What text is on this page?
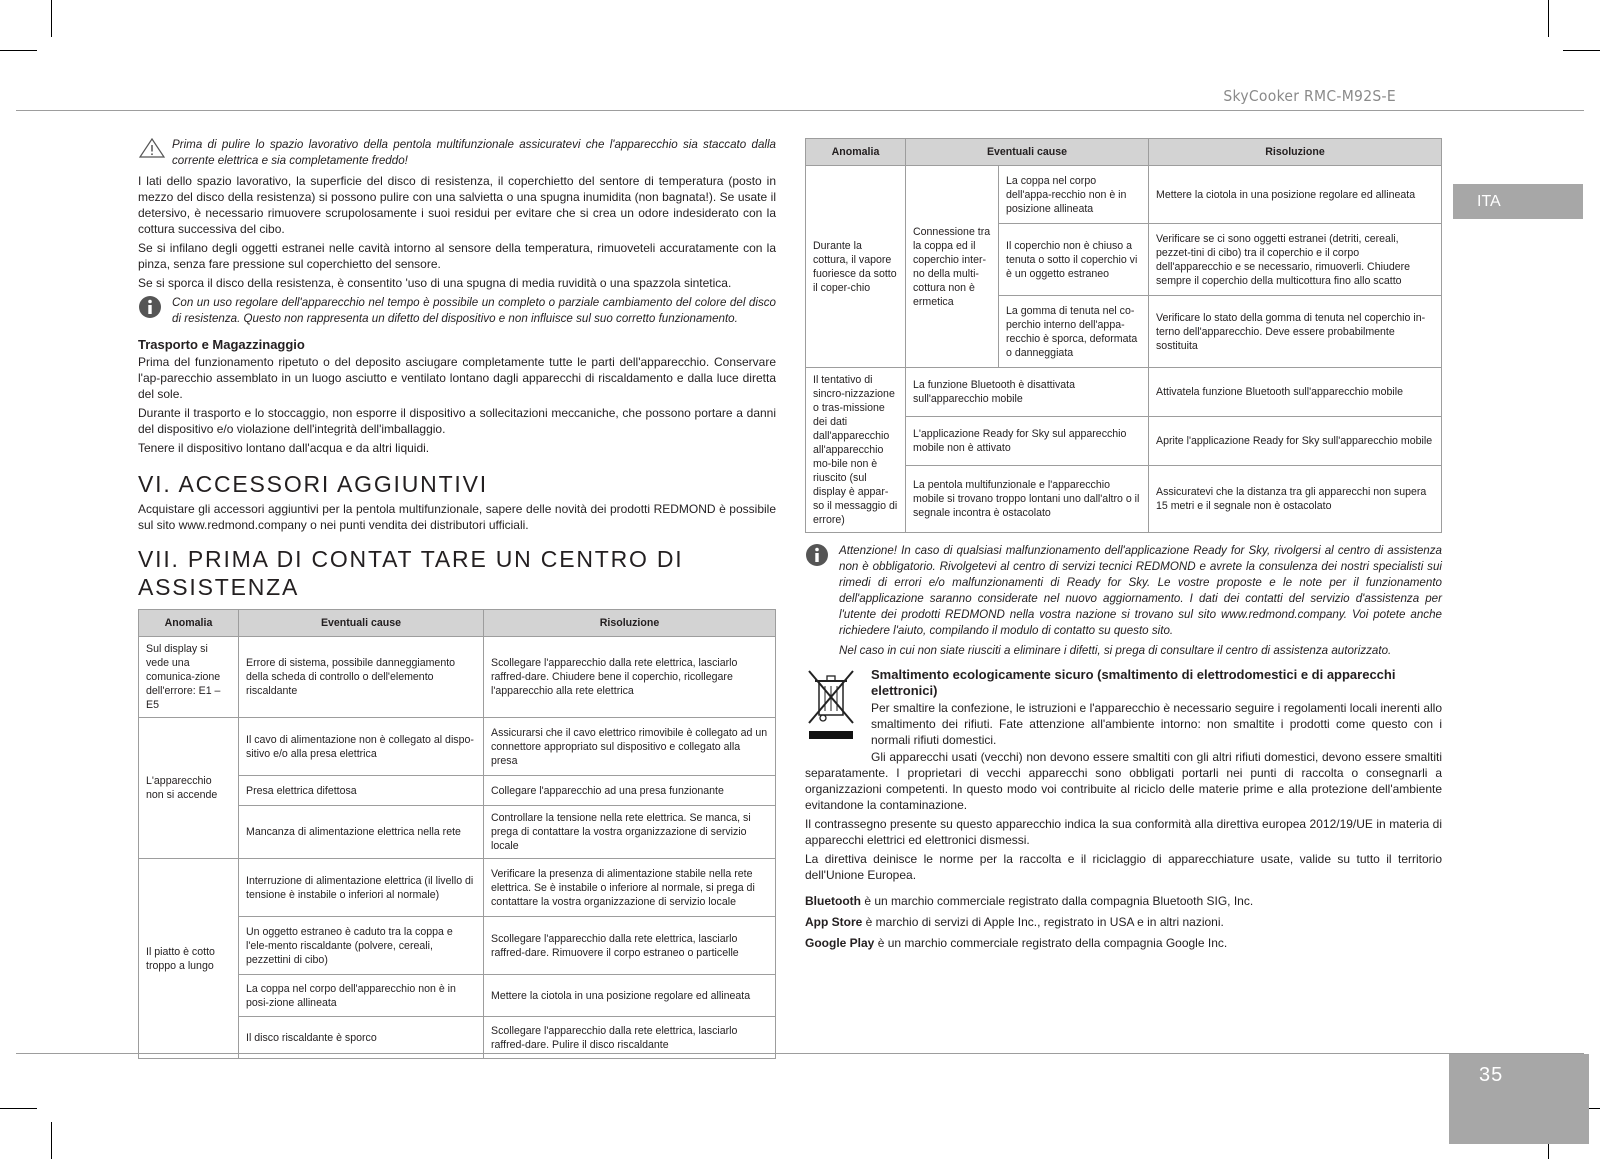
SkyCooker RMC-M92S-E
ITA
35
Prima di pulire lo spazio lavorativo della pentola multifunzionale assicuratevi che l'apparecchio sia staccato dalla corrente elettrica e sia completamente freddo!

I lati dello spazio lavorativo, la superficie del disco di resistenza, il coperchietto del sentore di temperatura (posto in mezzo del disco della resistenza) si possono pulire con una salvietta o una spugna inumidita (non bagnata!). Se usate il detersivo, è necessario rimuovere scrupolosamente i suoi residui per evitare che si crea un odore indesiderato con la cottura successiva del cibo.

Se si infilano degli oggetti estranei nelle cavità intorno al sensore della temperatura, rimuoveteli accuratamente con la pinza, senza fare pressione sul coperchietto del sensore.

Se si sporca il disco della resistenza, è consentito 'uso di una spugna di media ruvidità o una spazzola sintetica.

Con un uso regolare dell'apparecchio nel tempo è possibile un completo o parziale cambiamento del colore del disco di resistenza. Questo non rappresenta un difetto del dispositivo e non influisce sul suo corretto funzionamento.
Trasporto e Magazzinaggio

Prima del funzionamento ripetuto o del deposito asciugare completamente tutte le parti dell'apparecchio. Conservare l'ap-parecchio assemblato in un luogo asciutto e ventilato lontano dagli apparecchi di riscaldamento e dalla luce diretta del sole.

Durante il trasporto e lo stoccaggio, non esporre il dispositivo a sollecitazioni meccaniche, che possono portare a danni del dispositivo e/o violazione dell'integrità dell'imballaggio.

Tenere il dispositivo lontano dall'acqua e da altri liquidi.

VI. ACCESSORI AGGIUNTIVI

Acquistare gli accessori aggiuntivi per la pentola multifunzionale, sapere delle novità dei prodotti REDMOND è possibile sul sito www.redmond.company o nei punti vendita dei distributori ufficiali.

VII. PRIMA DI CONTAT TARE UN CENTRO DI ASSISTENZA
Anomalia	Eventuali cause	Risoluzione
Sul display si vede una comunica-zione dell'errore: E1 – E5	Errore di sistema, possibile danneggiamento della scheda di controllo o dell'elemento riscaldante	Scollegare l'apparecchio dalla rete elettrica, lasciarlo raffred-dare. Chiudere bene il coperchio, ricollegare l'apparecchio alla rete elettrica
L'apparecchio non si accende	Il cavo di alimentazione non è collegato al dispo-sitivo e/o alla presa elettrica	Assicurarsi che il cavo elettrico rimovibile è collegato ad un connettore appropriato sul dispositivo e collegato alla presa
	Presa elettrica difettosa	Collegare l'apparecchio ad una presa funzionante
	Mancanza di alimentazione elettrica nella rete	Controllare la tensione nella rete elettrica. Se manca, si prega di contattare la vostra organizzazione di servizio locale
Il piatto è cotto troppo a lungo	Interruzione di alimentazione elettrica (il livello di tensione è instabile o inferiori al normale)	Verificare la presenza di alimentazione stabile nella rete elettrica. Se è instabile o inferiore al normale, si prega di contattare la vostra organizzazione di servizio locale
	Un oggetto estraneo è caduto tra la coppa e l'ele-mento riscaldante (polvere, cereali, pezzettini di cibo)	Scollegare l'apparecchio dalla rete elettrica, lasciarlo raffred-dare. Rimuovere il corpo estraneo o particelle
	La coppa nel corpo dell'apparecchio non è in posi-zione allineata	Mettere la ciotola in una posizione regolare ed allineata
	Il disco riscaldante è sporco	Scollegare l'apparecchio dalla rete elettrica, lasciarlo raffred-dare. Pulire il disco riscaldante
Anomalia	Eventuali cause		Risoluzione
Durante la cottura, il vapore fuoriesce da sotto il coper-chio	Connessione tra la coppa ed il coperchio inter-no della multi-cottura non è ermetica	La coppa nel corpo dell'appa-recchio non è in posizione allineata	Mettere la ciotola in una posizione regolare ed allineata
		Il coperchio non è chiuso a tenuta o sotto il coperchio vi è un oggetto estraneo	Verificare se ci sono oggetti estranei (detriti, cereali, pezzet-tini di cibo) tra il coperchio e il corpo dell'apparecchio e se necessario, rimuoverli. Chiudere sempre il coperchio della multicottura fino allo scatto
		La gomma di tenuta nel co-perchio interno dell'appa-recchio è sporca, deformata o danneggiata	Verificare lo stato della gomma di tenuta nel coperchio in-terno dell'apparecchio. Deve essere probabilmente sostituita
Il tentativo di sincro-nizzazione o tras-missione dei dati dall'apparecchio all'apparecchio mo-bile non è riuscito (sul display è appar-so il messaggio di errore)	La funzione Bluetooth è disattivata sull'apparecchio mobile		Attivatela funzione Bluetooth sull'apparecchio mobile
	L'applicazione Ready for Sky sul apparecchio mobile non è attivato		Aprite l'applicazione Ready for Sky sull'apparecchio mobile
	La pentola multifunzionale e l'apparecchio mobile si trovano troppo lontani uno dall'altro o il segnale incontra è ostacolato		Assicuratevi che la distanza tra gli apparecchi non supera 15 metri e il segnale non è ostacolato
Attenzione! In caso di qualsiasi malfunzionamento dell'applicazione Ready for Sky, rivolgersi al centro di assistenza non è obbligatorio. Rivolgetevi al centro di servizi tecnici REDMOND e avrete la consulenza dei nostri specialisti sui rimedi di errori e/o malfunzionamenti di Ready for Sky. Le vostre proposte e le note per il funzionamento dell'applicazione saranno considerate nel nuovo aggiornamento. I dati dei contatti del servizio d'assistenza per l'utente dei prodotti REDMOND nella vostra nazione si trovano sul sito www.redmond.company. Voi potete anche richiedere l'aiuto, compilando il modulo di contatto su questo sito.
Nel caso in cui non siate riusciti a eliminare i difetti, si prega di consultare il centro di assistenza autorizzato.
Smaltimento ecologicamente sicuro (smaltimento di elettrodomestici e di apparecchi elettronici)

Per smaltire la confezione, le istruzioni e l'apparecchio è necessario seguire i regolamenti locali inerenti allo smaltimento dei rifiuti. Fate attenzione all'ambiente intorno: non smaltite i prodotti come questo con i normali rifiuti domestici.

Gli apparecchi usati (vecchi) non devono essere smaltiti con gli altri rifiuti domestici, devono essere smaltiti separatamente. I proprietari di vecchi apparecchi sono obbligati portarli nei punti di raccolta o consegnarli a organizzazioni competenti. In questo modo voi contribuite al riciclo delle materie prime e alla protezione dell'ambiente evitandone la contaminazione.

Il contrassegno presente su questo apparecchio indica la sua conformità alla direttiva europea 2012/19/UE in materia di apparecchi elettrici ed elettronici dismessi.

La direttiva deinisce le norme per la raccolta e il riciclaggio di apparecchiature usate, valide su tutto il territorio dell'Unione Europea.

Bluetooth è un marchio commerciale registrato dalla compagnia Bluetooth SIG, Inc.

App Store è marchio di servizi di Apple Inc., registrato in USA e in altri nazioni.

Google Play è un marchio commerciale registrato della compagnia Google Inc.
